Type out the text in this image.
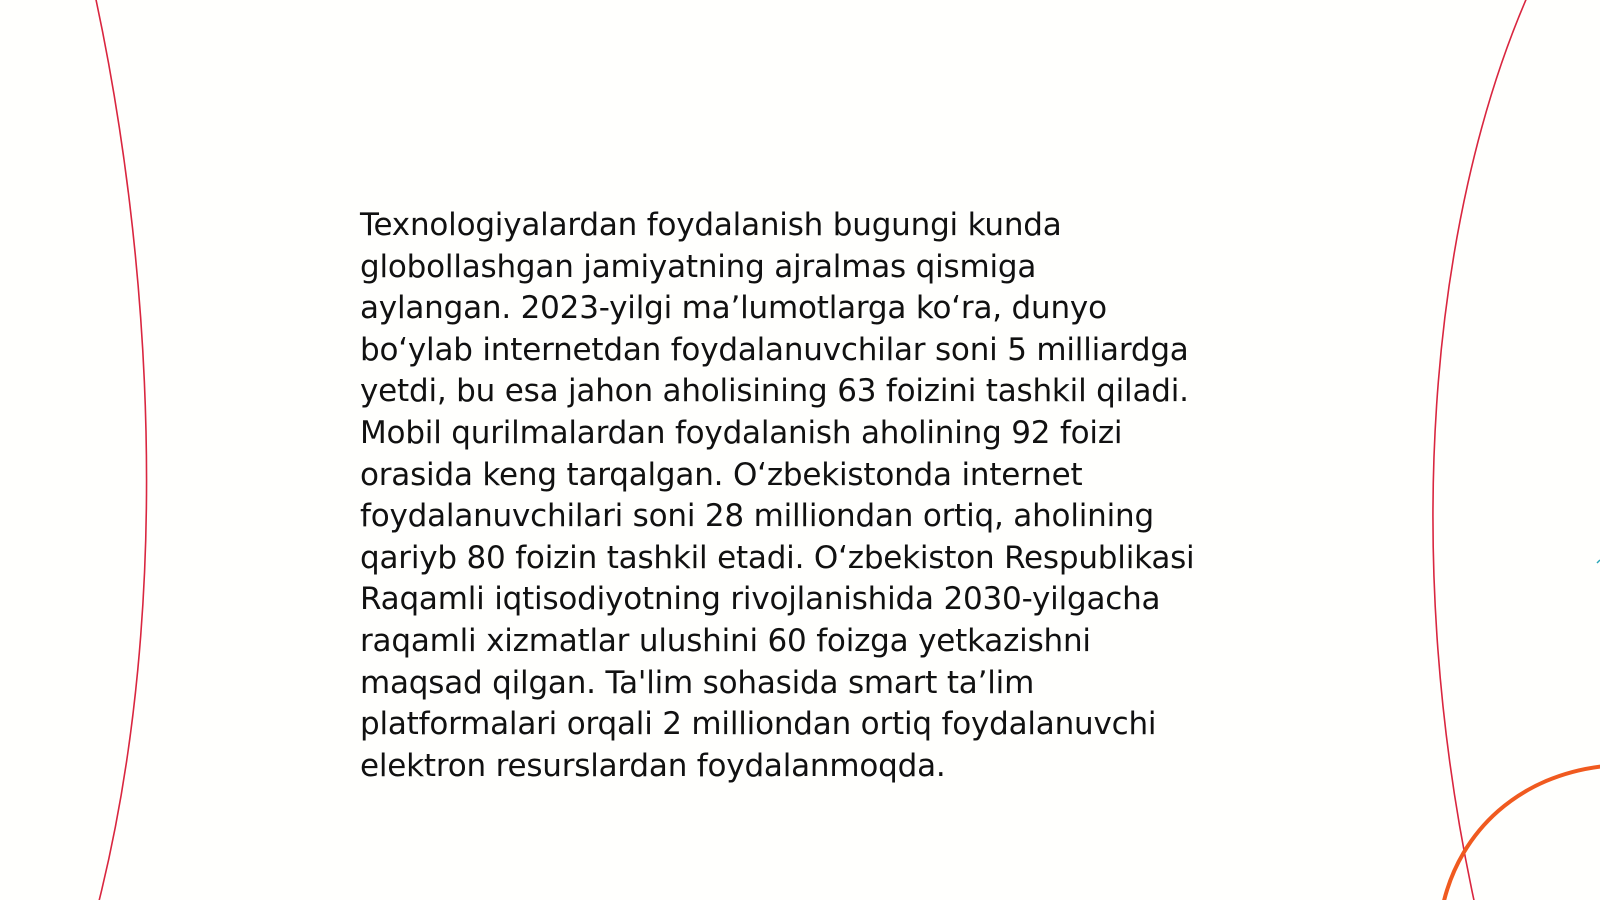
Texnologiyalardan foydalanish bugungi kunda
globollashgan jamiyatning ajralmas qismiga
aylangan. 2023-yilgi ma’lumotlarga ko‘ra, dunyo
bo‘ylab internetdan foydalanuvchilar soni 5 milliardga
yetdi, bu esa jahon aholisining 63 foizini tashkil qiladi.
Mobil qurilmalardan foydalanish aholining 92 foizi
orasida keng tarqalgan. O‘zbekistonda internet
foydalanuvchilari soni 28 milliondan ortiq, aholining
qariyb 80 foizin tashkil etadi. O‘zbekiston Respublikasi
Raqamli iqtisodiyotning rivojlanishida 2030-yilgacha
raqamli xizmatlar ulushini 60 foizga yetkazishni
maqsad qilgan. Ta'lim sohasida smart ta’lim
platformalari orqali 2 milliondan ortiq foydalanuvchi
elektron resurslardan foydalanmoqda.
